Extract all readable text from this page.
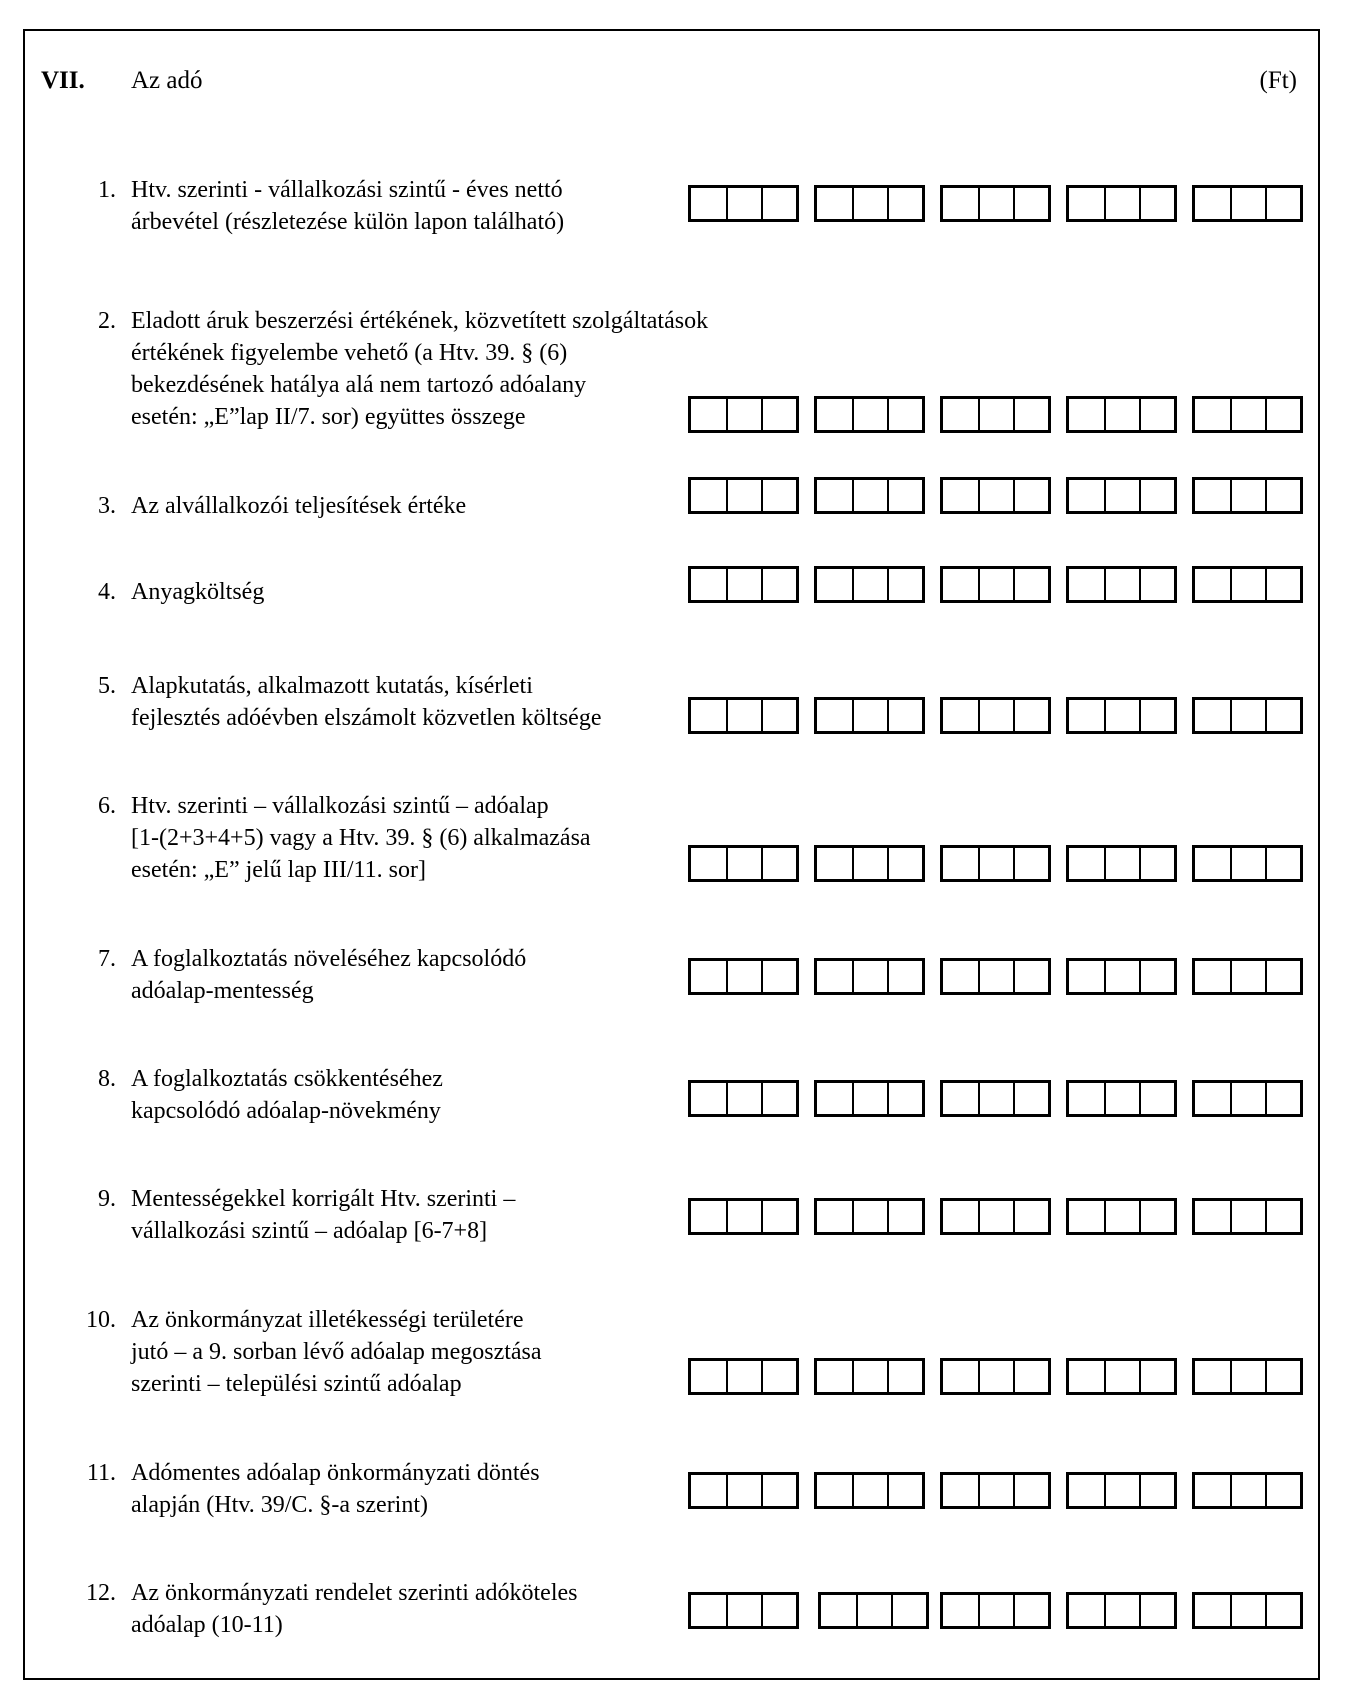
VII. Az adó	(Ft)
1. Htv. szerinti - vállalkozási szintű - éves nettó
árbevétel (részletezése külön lapon található)
2. Eladott áruk beszerzési értékének, közvetített szolgáltatások
értékének figyelembe vehető (a Htv. 39. § (6)
bekezdésének hatálya alá nem tartozó adóalany
esetén: „E”lap II/7. sor) együttes összege
3. Az alvállalkozói teljesítések értéke
4. Anyagköltség
5. Alapkutatás, alkalmazott kutatás, kísérleti
fejlesztés adóévben elszámolt közvetlen költsége
6. Htv. szerinti – vállalkozási szintű – adóalap
[1-(2+3+4+5) vagy a Htv. 39. § (6) alkalmazása
esetén: „E” jelű lap III/11. sor]
7. A foglalkoztatás növeléséhez kapcsolódó
adóalap-mentesség
8. A foglalkoztatás csökkentéséhez
kapcsolódó adóalap-növekmény
9. Mentességekkel korrigált Htv. szerinti –
vállalkozási szintű – adóalap [6-7+8]
10. Az önkormányzat illetékességi területére
jutó – a 9. sorban lévő adóalap megosztása
szerinti – települési szintű adóalap
11. Adómentes adóalap önkormányzati döntés
alapján (Htv. 39/C. §-a szerint)
12. Az önkormányzati rendelet szerinti adóköteles
adóalap (10-11)
